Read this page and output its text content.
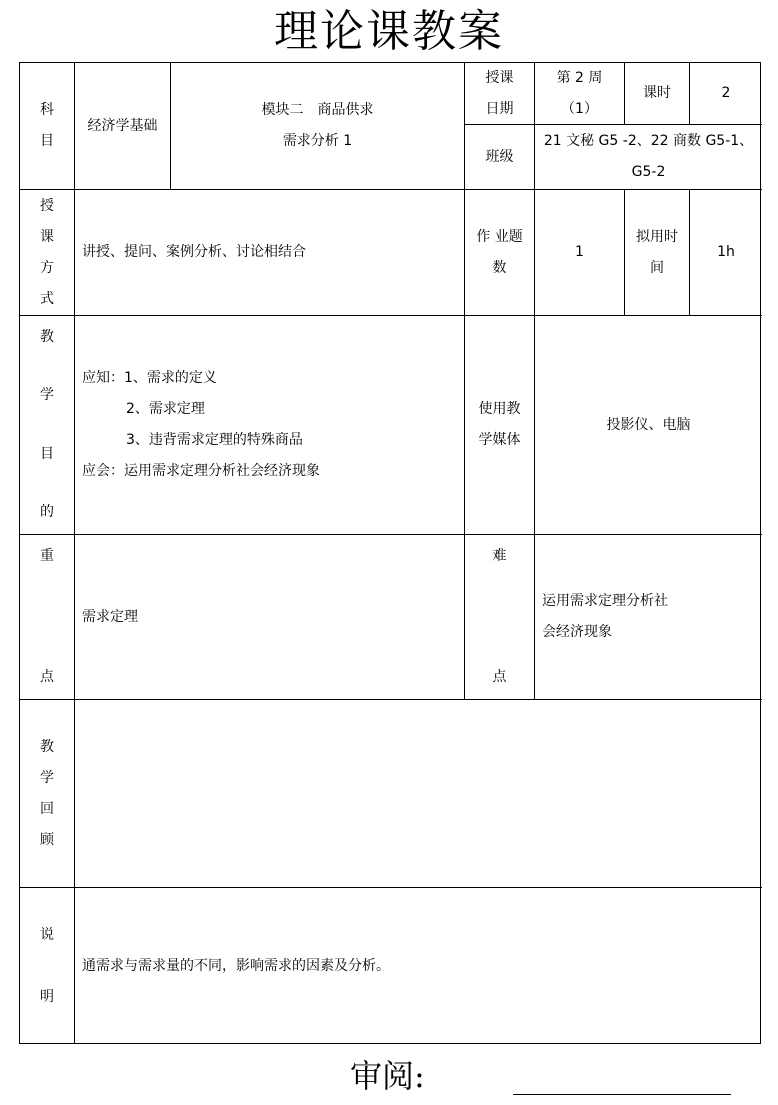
理论课教案
科
目
经济学基础
模块二　商品供求
需求分析 1
授课
日期
第 2 周
（1）
课时	2
班级
21 文秘 G5 -2、22 商数 G5-1、
G5-2
授
课
方
式
讲授、提问、案例分析、讨论相结合
作 业题
数
1
拟用时
间
1h
教
学
目
的
应知：1、需求的定义
2、需求定理
3、违背需求定理的特殊商品
应会：运用需求定理分析社会经济现象
使用教
学媒体
投影仪、电脑
重
点
需求定理
难
点
运用需求定理分析社
会经济现象
教
学
回
顾
说
明
通需求与需求量的不同，影响需求的因素及分析。
审阅:
